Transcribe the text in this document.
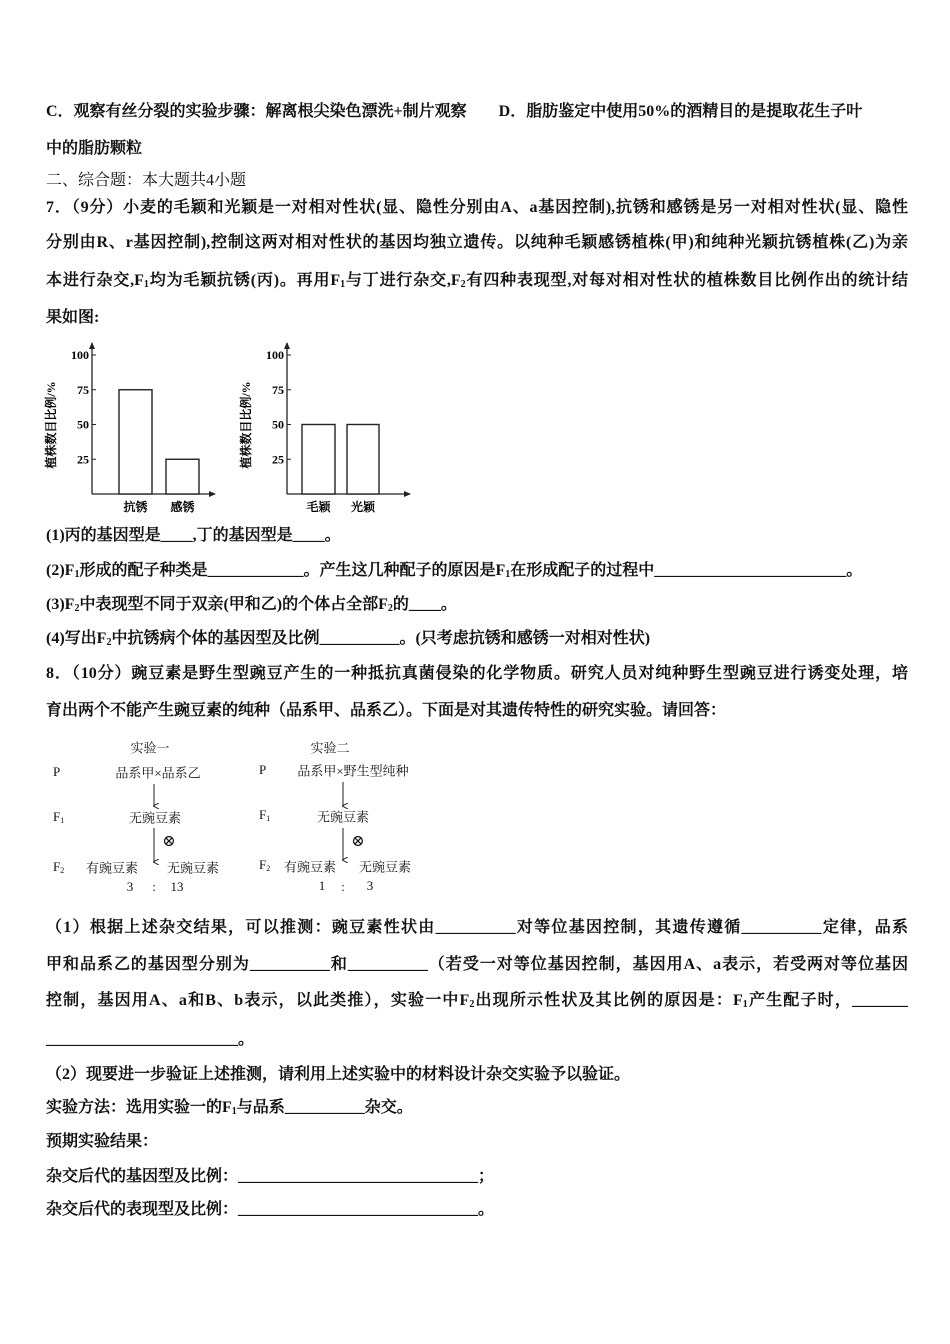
C．观察有丝分裂的实验步骤：解离根尖染色漂洗+制片观察　　D．脂肪鉴定中使用50%的酒精目的是提取花生子叶
中的脂肪颗粒
二、综合题：本大题共4小题
7．（9分）小麦的毛颖和光颖是一对相对性状(显、隐性分别由A、a基因控制),抗锈和感锈是另一对相对性状(显、隐性
分别由R、r基因控制),控制这两对相对性状的基因均独立遗传。以纯种毛颖感锈植株(甲)和纯种光颖抗锈植株(乙)为亲
本进行杂交$,F_1$均为毛颖抗锈(丙)。再用$F_1$与丁进行杂交$,F_2$有四种表现型,对每对相对性状的植株数目比例作出的统计结
果如图:
(1)丙的基因型是____,丁的基因型是____。
$(2)F_1$形成的配子种类是____________。产生这几种配子的原因是$F_1$在形成配子的过程中________________________。
$(3)F_2$中表现型不同于双亲(甲和乙)的个体占全部$F_2$的____。
(4)写出$F_2$中抗锈病个体的基因型及比例__________。(只考虑抗锈和感锈一对相对性状)
8．（10分）豌豆素是野生型豌豆产生的一种抵抗真菌侵染的化学物质。研究人员对纯种野生型豌豆进行诱变处理，培
育出两个不能产生豌豆素的纯种（品系甲、品系乙）。下面是对其遗传特性的研究实验。请回答：
（1）根据上述杂交结果，可以推测：豌豆素性状由__________对等位基因控制，其遗传遵循__________定律，品系
甲和品系乙的基因型分别为__________和__________（若受一对等位基因控制，基因用A、a表示，若受两对等位基因
控制，基因用A、a和B、b表示，以此类推），实验一中$F_2$出现所示性状及其比例的原因是：$F_1$产生配子时，_______
________________________。
（2）现要进一步验证上述推测，请利用上述实验中的材料设计杂交实验予以验证。
实验方法：选用实验一的$F_1$与品系__________杂交。
预期实验结果：
杂交后代的基因型及比例：______________________________；
杂交后代的表现型及比例：______________________________。
25
50
75
100
植株数目比例/%
抗锈 感锈
25
50
75
100
植株数目比例/%
毛颖 光颖
实验一
P	品系甲×品系乙
$F_1$	无豌豆素
⊗
$F_2$ 有豌豆素 无豌豆素
3 : 13
实验二
P 品系甲×野生型纯种
$F_1$	无豌豆素
⊗
$F_2$ 有豌豆素 无豌豆素
1 : 3
